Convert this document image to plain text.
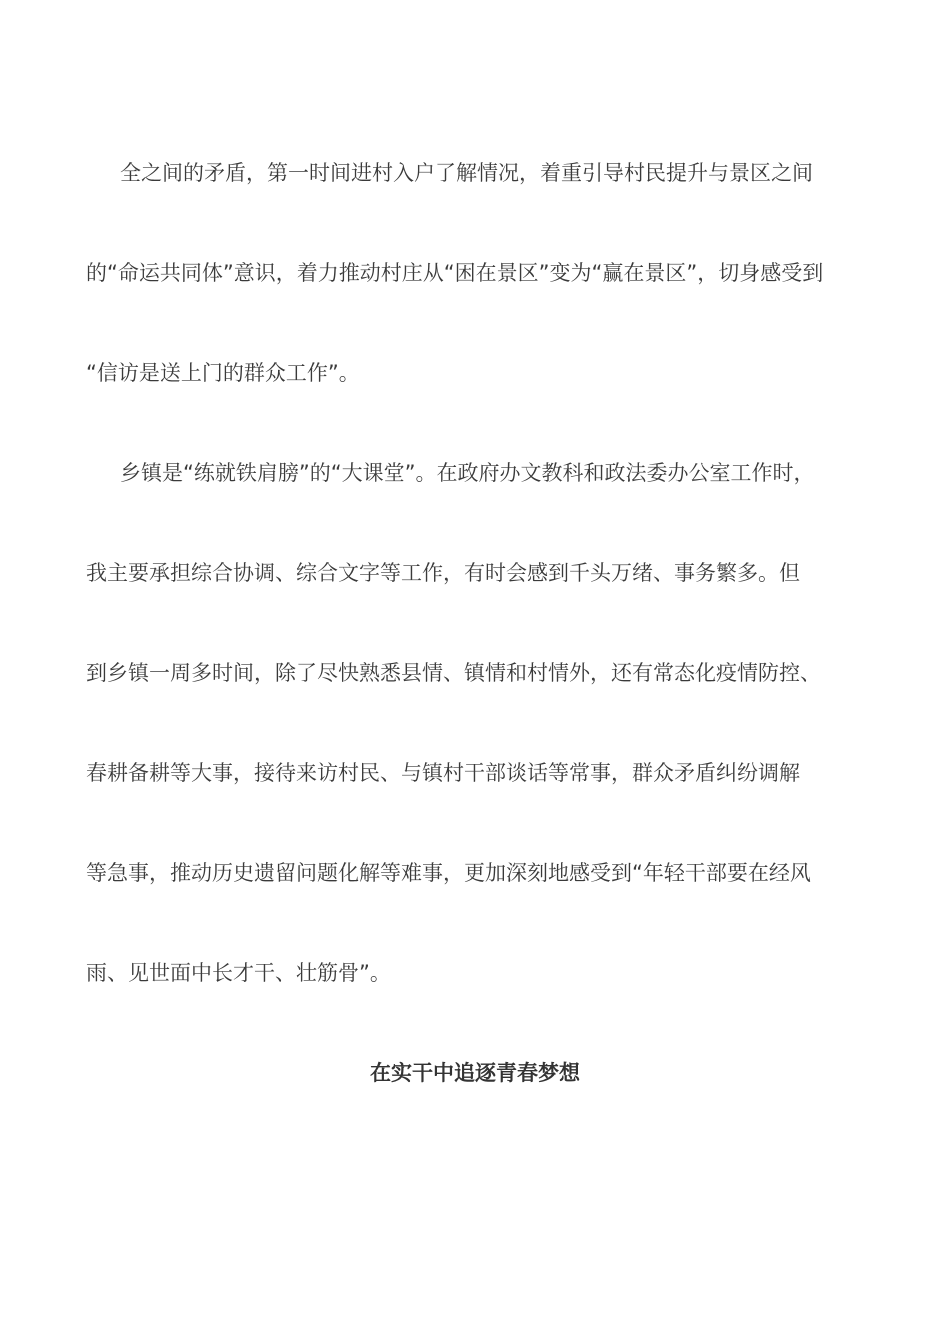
全之间的矛盾，第一时间进村入户了解情况，着重引导村民提升与景区之间
的“命运共同体”意识，着力推动村庄从“困在景区”变为“赢在景区”，切身感受到
“信访是送上门的群众工作”。
乡镇是“练就铁肩膀”的“大课堂”。在政府办文教科和政法委办公室工作时，
我主要承担综合协调、综合文字等工作，有时会感到千头万绪、事务繁多。但
到乡镇一周多时间，除了尽快熟悉县情、镇情和村情外，还有常态化疫情防控、
春耕备耕等大事，接待来访村民、与镇村干部谈话等常事，群众矛盾纠纷调解
等急事，推动历史遗留问题化解等难事，更加深刻地感受到“年轻干部要在经风
雨、见世面中长才干、壮筋骨”。
在实干中追逐青春梦想
